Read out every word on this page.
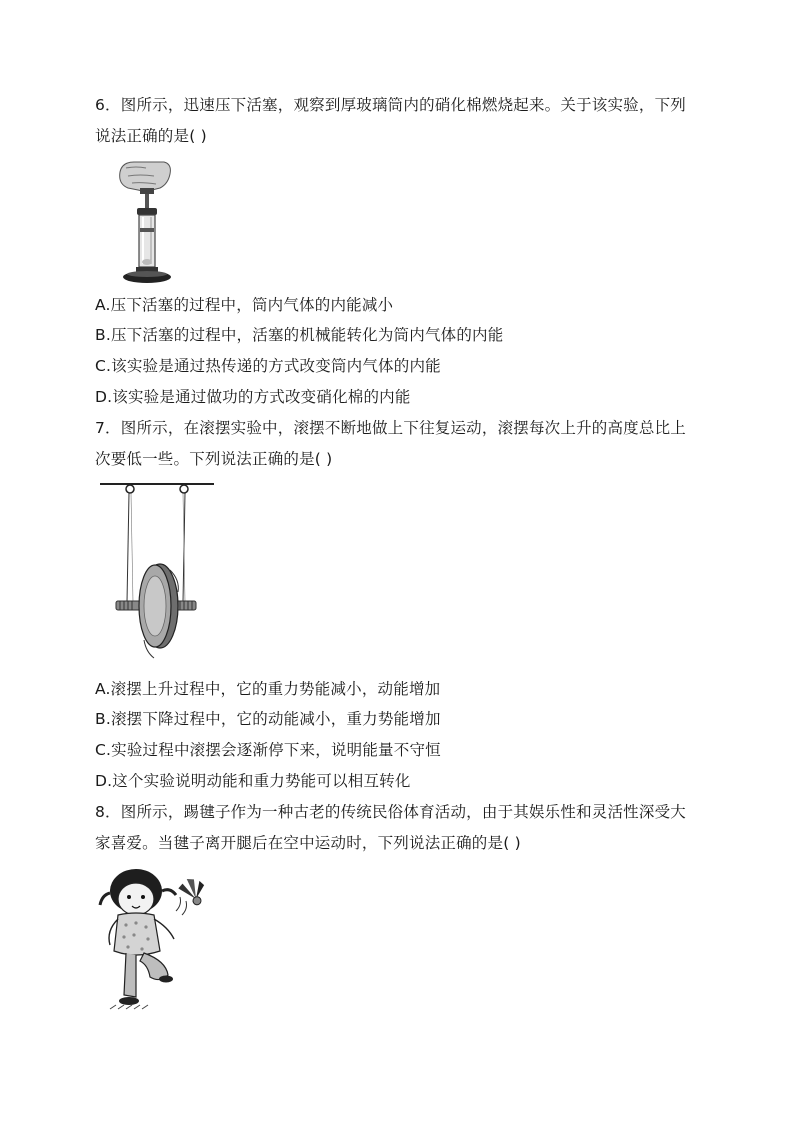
6．图所示，迅速压下活塞，观察到厚玻璃筒内的硝化棉燃烧起来。关于该实验，下列
说法正确的是( )
A.压下活塞的过程中，筒内气体的内能减小
B.压下活塞的过程中，活塞的机械能转化为筒内气体的内能
C.该实验是通过热传递的方式改变筒内气体的内能
D.该实验是通过做功的方式改变硝化棉的内能
7．图所示，在滚摆实验中，滚摆不断地做上下往复运动，滚摆每次上升的高度总比上
次要低一些。下列说法正确的是( )
A.滚摆上升过程中，它的重力势能减小，动能增加
B.滚摆下降过程中，它的动能减小，重力势能增加
C.实验过程中滚摆会逐渐停下来，说明能量不守恒
D.这个实验说明动能和重力势能可以相互转化
8．图所示，踢毽子作为一种古老的传统民俗体育活动，由于其娱乐性和灵活性深受大
家喜爱。当毽子离开腿后在空中运动时，下列说法正确的是( )
